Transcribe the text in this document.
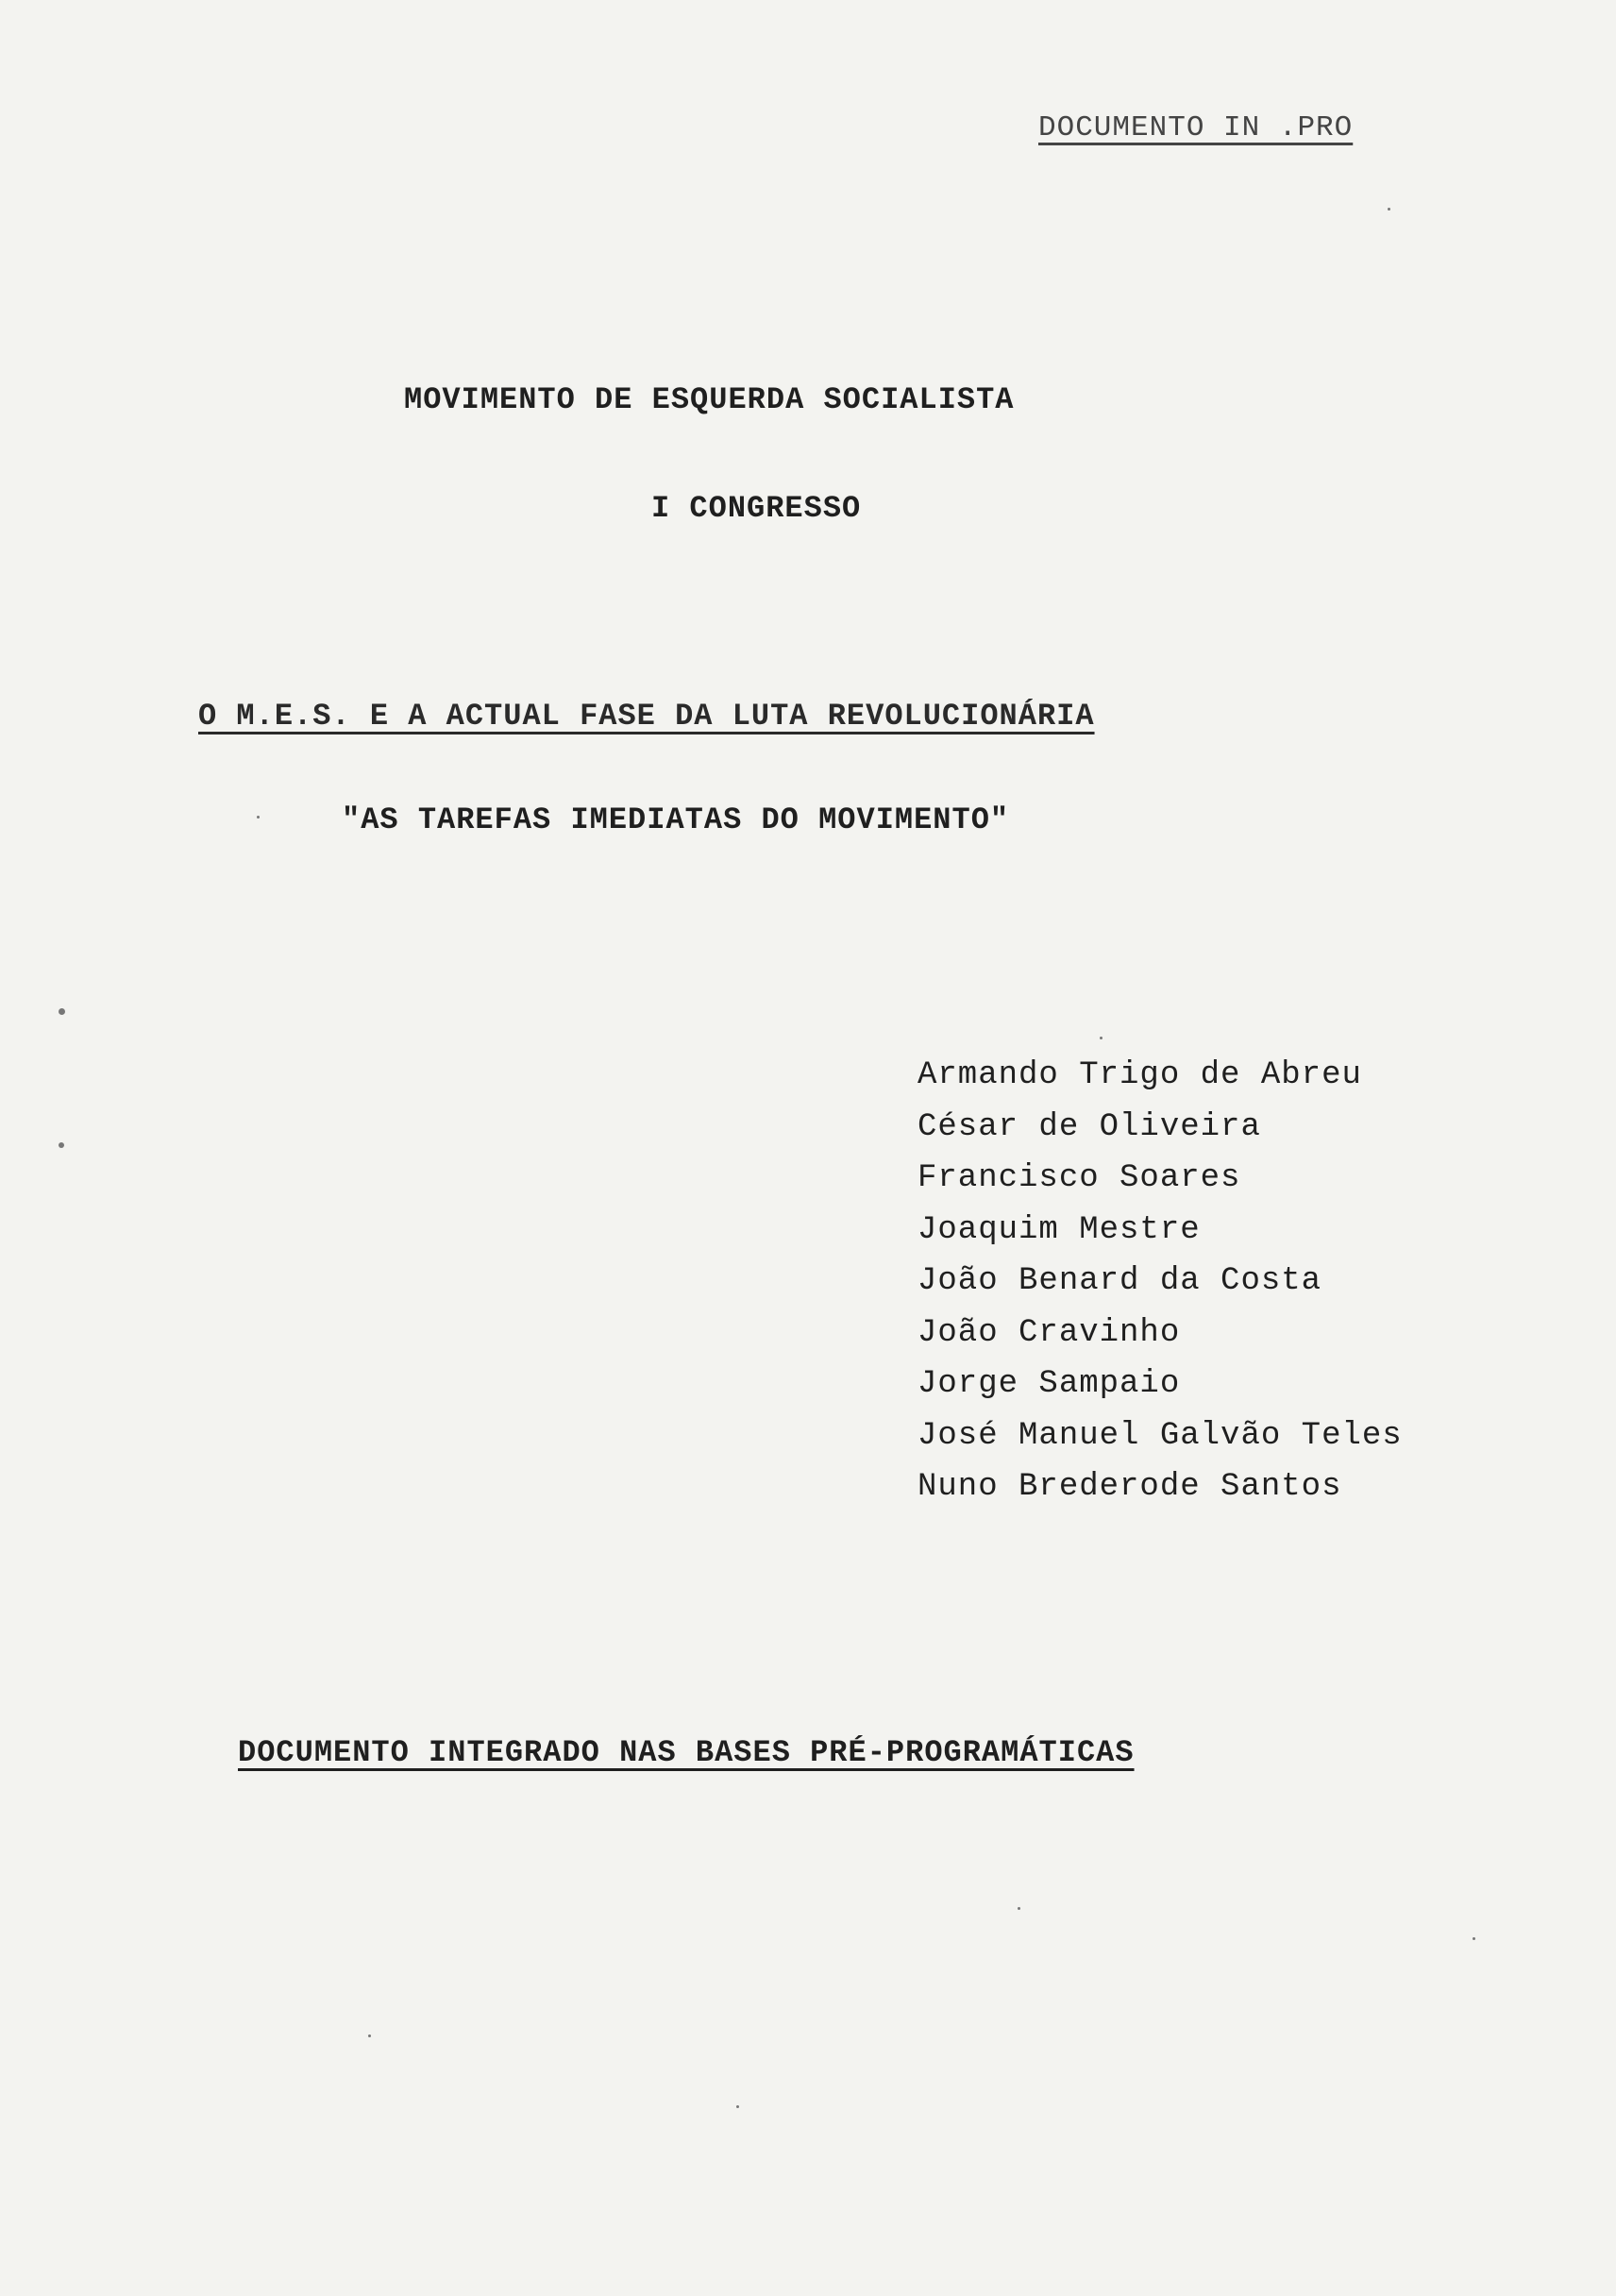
DOCUMENTO IN .PRO
MOVIMENTO DE ESQUERDA SOCIALISTA
I CONGRESSO
O M.E.S. E A ACTUAL FASE DA LUTA REVOLUCIONÁRIA
"AS TAREFAS IMEDIATAS DO MOVIMENTO"
Armando Trigo de Abreu
César de Oliveira
Francisco Soares
Joaquim Mestre
João Benard da Costa
João Cravinho
Jorge Sampaio
José Manuel Galvão Teles
Nuno Brederode Santos
DOCUMENTO INTEGRADO NAS BASES PRÉ-PROGRAMÁTICAS
